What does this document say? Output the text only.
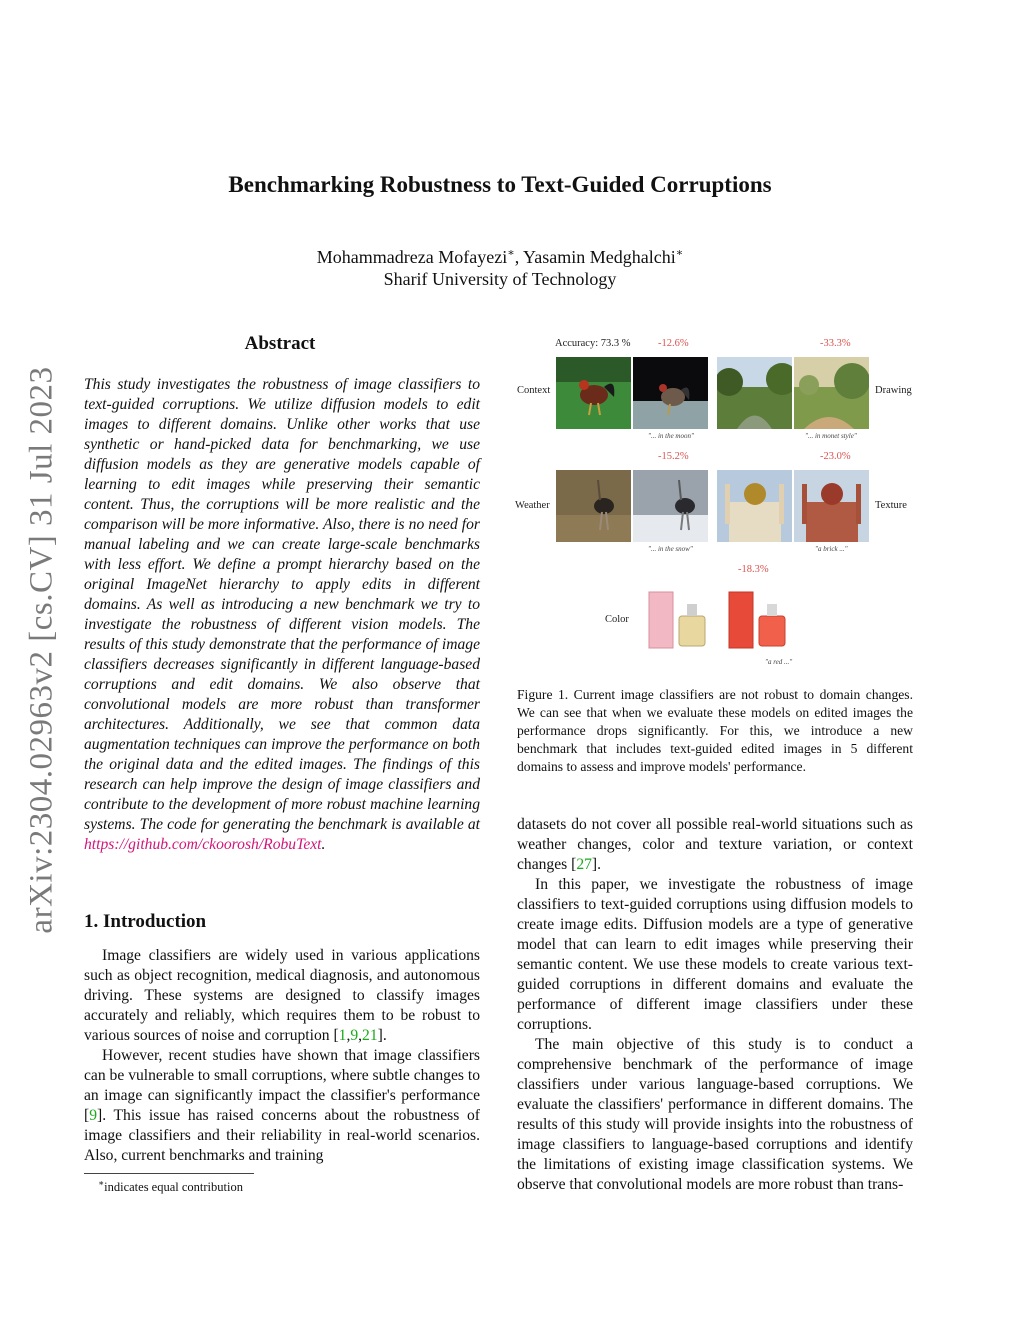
arXiv:2304.02963v2 [cs.CV] 31 Jul 2023
Benchmarking Robustness to Text-Guided Corruptions
Mohammadreza Mofayezi∗, Yasamin Medghalchi∗
Sharif University of Technology
Abstract
This study investigates the robustness of image classifiers to text-guided corruptions. We utilize diffusion models to edit images to different domains. Unlike other works that use synthetic or hand-picked data for benchmarking, we use diffusion models as they are generative models capable of learning to edit images while preserving their semantic content. Thus, the corruptions will be more realistic and the comparison will be more informative. Also, there is no need for manual labeling and we can create large-scale benchmarks with less effort. We define a prompt hierarchy based on the original ImageNet hierarchy to apply edits in different domains. As well as introducing a new benchmark we try to investigate the robustness of different vision models. The results of this study demonstrate that the performance of image classifiers decreases significantly in different language-based corruptions and edit domains. We also observe that convolutional models are more robust than transformer architectures. Additionally, we see that common data augmentation techniques can improve the performance on both the original data and the edited images. The findings of this research can help improve the design of image classifiers and contribute to the development of more robust machine learning systems. The code for generating the benchmark is available at https://github.com/ckoorosh/RobuText.
1. Introduction

Image classifiers are widely used in various applications such as object recognition, medical diagnosis, and autonomous driving. These systems are designed to classify images accurately and reliably, which requires them to be robust to various sources of noise and corruption [1,9,21].

However, recent studies have shown that image classifiers can be vulnerable to small corruptions, where subtle changes to an image can significantly impact the classifier's performance [9]. This issue has raised concerns about the robustness of image classifiers and their reliability in real-world scenarios. Also, current benchmarks and training

∗indicates equal contribution
Accuracy: 73.3 %	-12.6%	-33.3%
Context	Drawing
"... in the moon"	"... in monet style"
-15.2%	-23.0%
Weather	Texture
"... in the snow"	"a brick ..."
-18.3%
Color
"a red ..."
Figure 1. Current image classifiers are not robust to domain changes. We can see that when we evaluate these models on edited images the performance drops significantly. For this, we introduce a new benchmark that includes text-guided edited images in 5 different domains to assess and improve models' performance.

datasets do not cover all possible real-world situations such as weather changes, color and texture variation, or context changes [27].

In this paper, we investigate the robustness of image classifiers to text-guided corruptions using diffusion models to create image edits. Diffusion models are a type of generative model that can learn to edit images while preserving their semantic content. We use these models to create various text-guided corruptions in different domains and evaluate the performance of different image classifiers under these corruptions.

The main objective of this study is to conduct a comprehensive benchmark of the performance of image classifiers under various language-based corruptions. We evaluate the classifiers' performance in different domains. The results of this study will provide insights into the robustness of image classifiers to language-based corruptions and identify the limitations of existing image classification systems. We observe that convolutional models are more robust than trans-
